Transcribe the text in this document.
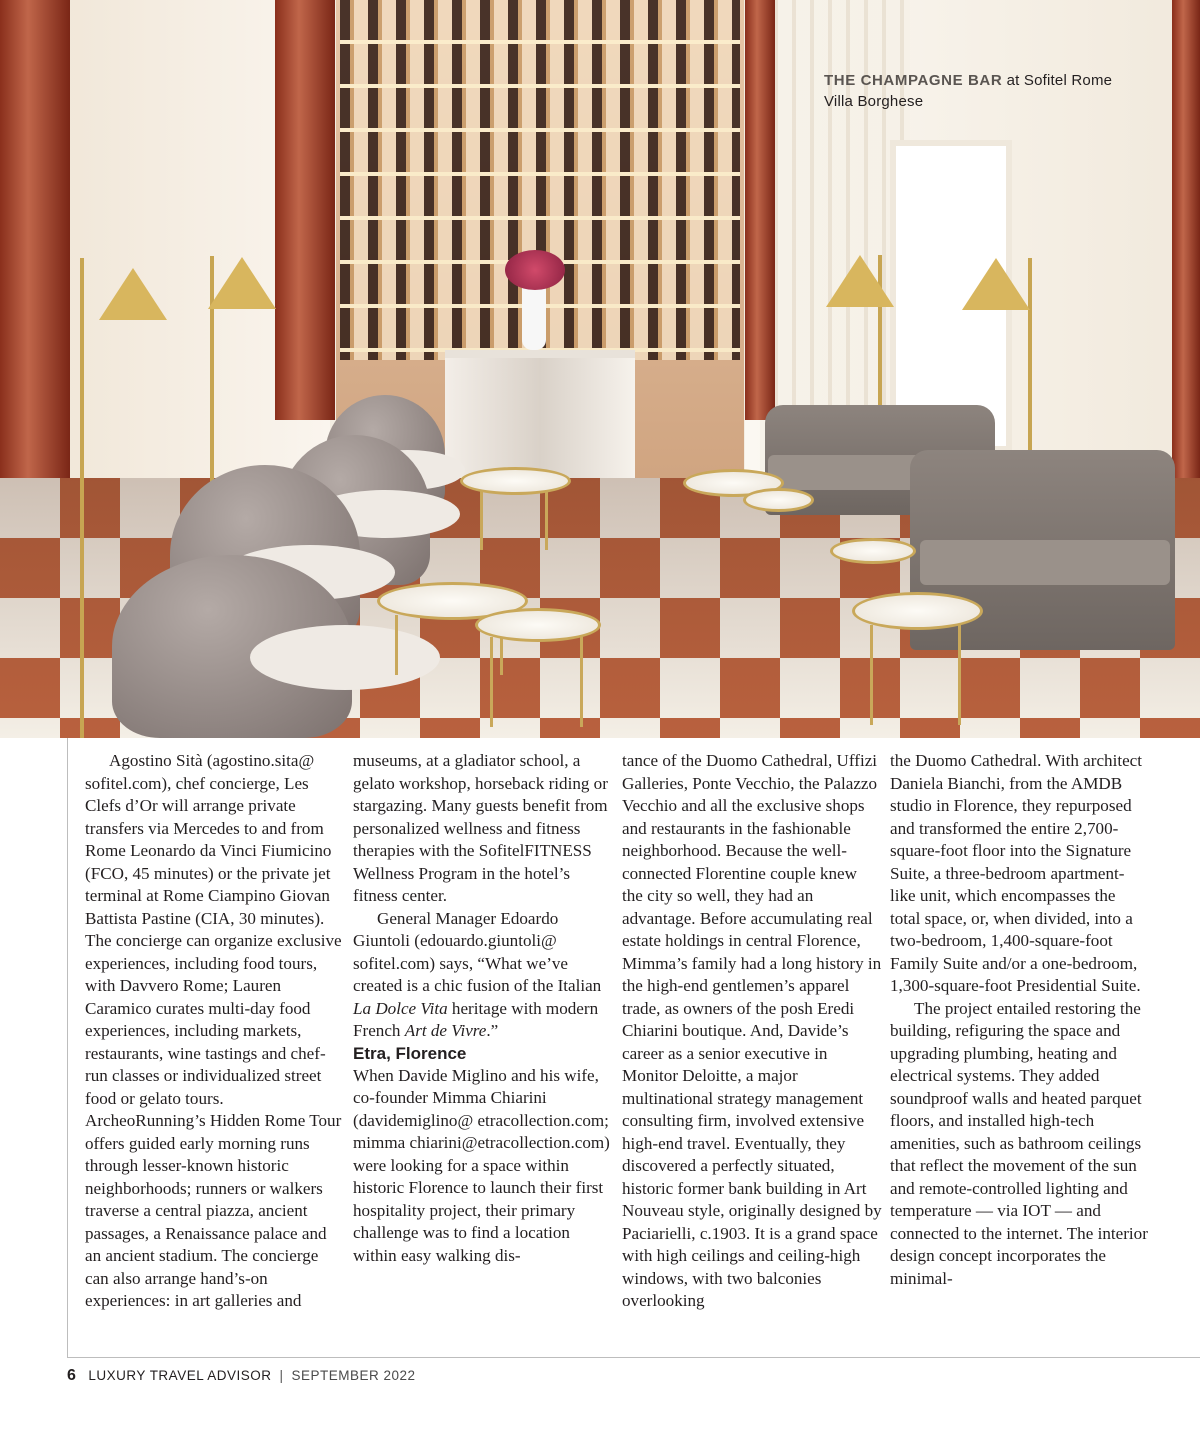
THE CHAMPAGNE BAR at Sofitel Rome Villa Borghese

Agostino Sità (agostino.sita@ sofitel.com), chef concierge, Les Clefs d’Or will arrange private transfers via Mercedes to and from Rome Leonardo da Vinci Fiumicino (FCO, 45 minutes) or the private jet terminal at Rome Ciampino Giovan Battista Pastine (CIA, 30 minutes). The concierge can organize exclusive experiences, including food tours, with Davvero Rome; Lauren Caramico curates multi-day food experiences, including markets, restaurants, wine tastings and chef-run classes or individualized street food or gelato tours. ArcheoRunning’s Hidden Rome Tour offers guided early morning runs through lesser-known historic neighborhoods; runners or walkers traverse a central piazza, ancient passages, a Renaissance palace and an ancient stadium. The concierge can also arrange hand’s-on experiences: in art galleries and

museums, at a gladiator school, a gelato workshop, horseback riding or stargazing. Many guests benefit from personalized wellness and fitness therapies with the SofitelFITNESS Wellness Program in the hotel’s fitness center.

General Manager Edoardo Giuntoli (edouardo.giuntoli@ sofitel.com) says, “What we’ve created is a chic fusion of the Italian La Dolce Vita heritage with modern French Art de Vivre.”

Etra, Florence

When Davide Miglino and his wife, co-founder Mimma Chiarini (davidemiglino@ etracollection.com; mimma chiarini@etracollection.com) were looking for a space within historic Florence to launch their first hospitality project, their primary challenge was to find a location within easy walking dis-

tance of the Duomo Cathedral, Uffizi Galleries, Ponte Vecchio, the Palazzo Vecchio and all the exclusive shops and restaurants in the fashionable neighborhood. Because the well-connected Florentine couple knew the city so well, they had an advantage. Before accumulating real estate holdings in central Florence, Mimma’s family had a long history in the high-end gentlemen’s apparel trade, as owners of the posh Eredi Chiarini boutique. And, Davide’s career as a senior executive in Monitor Deloitte, a major multinational strategy management consulting firm, involved extensive high-end travel. Eventually, they discovered a perfectly situated, historic former bank building in Art Nouveau style, originally designed by Paciarielli, c.1903. It is a grand space with high ceilings and ceiling-high windows, with two balconies overlooking

the Duomo Cathedral. With architect Daniela Bianchi, from the AMDB studio in Florence, they repurposed and transformed the entire 2,700-square-foot floor into the Signature Suite, a three-bedroom apartment-like unit, which encompasses the total space, or, when divided, into a two-bedroom, 1,400-square-foot Family Suite and/or a one-bedroom, 1,300-square-foot Presidential Suite.

The project entailed restoring the building, refiguring the space and upgrading plumbing, heating and electrical systems. They added soundproof walls and heated parquet floors, and installed high-tech amenities, such as bathroom ceilings that reflect the movement of the sun and remote-controlled lighting and temperature — via IOT — and connected to the internet. The interior design concept incorporates the minimal-

6 LUXURY TRAVEL ADVISOR | SEPTEMBER 2022
